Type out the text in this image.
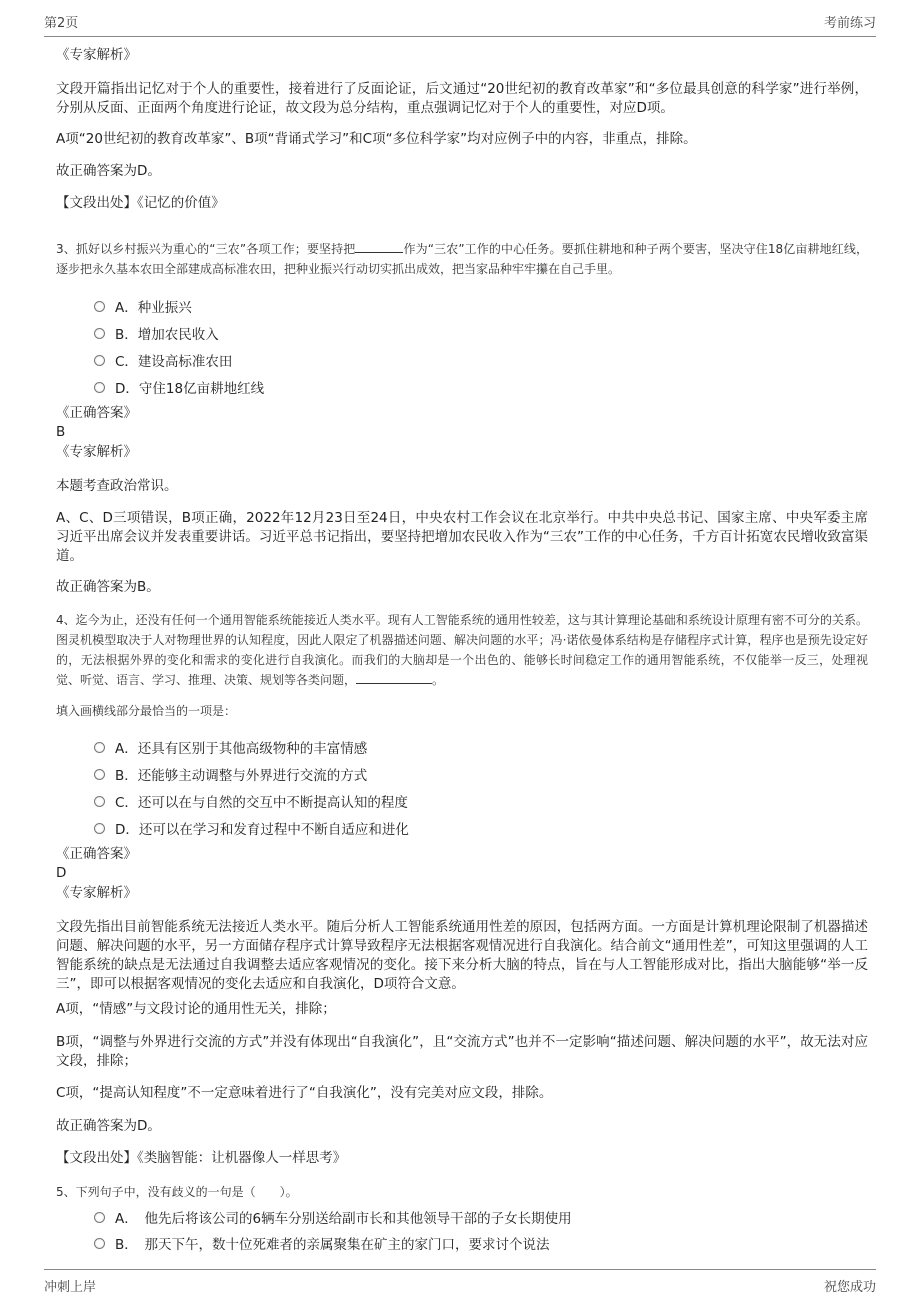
第2页	考前练习

《专家解析》

文段开篇指出记忆对于个人的重要性，接着进行了反面论证，后文通过“20世纪初的教育改革家”和“多位最具创意的科学家”进行举例，分别从反面、正面两个角度进行论证，故文段为总分结构，重点强调记忆对于个人的重要性，对应D项。

A项“20世纪初的教育改革家”、B项“背诵式学习”和C项“多位科学家”均对应例子中的内容，非重点，排除。

故正确答案为D。

【文段出处】《记忆的价值》

3、抓好以乡村振兴为重心的“三农”各项工作；要坚持把	作为“三农”工作的中心任务。要抓住耕地和种子两个要害，坚决守住18亿亩耕地红线，逐步把永久基本农田全部建成高标准农田，把种业振兴行动切实抓出成效，把当家品种牢牢攥在自己手里。

A．种业振兴
B．增加农民收入
C．建设高标准农田
D．守住18亿亩耕地红线

《正确答案》

B

《专家解析》

本题考查政治常识。

A、C、D三项错误，B项正确，2022年12月23日至24日，中央农村工作会议在北京举行。中共中央总书记、国家主席、中央军委主席习近平出席会议并发表重要讲话。习近平总书记指出，要坚持把增加农民收入作为“三农”工作的中心任务，千方百计拓宽农民增收致富渠道。

故正确答案为B。

4、迄今为止，还没有任何一个通用智能系统能接近人类水平。现有人工智能系统的通用性较差，这与其计算理论基础和系统设计原理有密不可分的关系。图灵机模型取决于人对物理世界的认知程度，因此人限定了机器描述问题、解决问题的水平；冯·诺依曼体系结构是存储程序式计算，程序也是预先设定好的，无法根据外界的变化和需求的变化进行自我演化。而我们的大脑却是一个出色的、能够长时间稳定工作的通用智能系统，不仅能举一反三，处理视觉、听觉、语言、学习、推理、决策、规划等各类问题，	。

填入画横线部分最恰当的一项是：

A．还具有区别于其他高级物种的丰富情感
B．还能够主动调整与外界进行交流的方式
C．还可以在与自然的交互中不断提高认知的程度
D．还可以在学习和发育过程中不断自适应和进化

《正确答案》

D

《专家解析》

文段先指出目前智能系统无法接近人类水平。随后分析人工智能系统通用性差的原因，包括两方面。一方面是计算机理论限制了机器描述问题、解决问题的水平，另一方面储存程序式计算导致程序无法根据客观情况进行自我演化。结合前文“通用性差”，可知这里强调的人工智能系统的缺点是无法通过自我调整去适应客观情况的变化。接下来分析大脑的特点，旨在与人工智能形成对比，指出大脑能够“举一反三”，即可以根据客观情况的变化去适应和自我演化，D项符合文意。

A项，“情感”与文段讨论的通用性无关，排除；

B项，“调整与外界进行交流的方式”并没有体现出“自我演化”，且“交流方式”也并不一定影响“描述问题、解决问题的水平”，故无法对应文段，排除；

C项，“提高认知程度”不一定意味着进行了“自我演化”，没有完美对应文段，排除。

故正确答案为D。

【文段出处】《类脑智能：让机器像人一样思考》

5、下列句子中，没有歧义的一句是（　　）。

A．　他先后将该公司的6辆车分别送给副市长和其他领导干部的子女长期使用
B．　那天下午，数十位死难者的亲属聚集在矿主的家门口，要求讨个说法
冲刺上岸	祝您成功
